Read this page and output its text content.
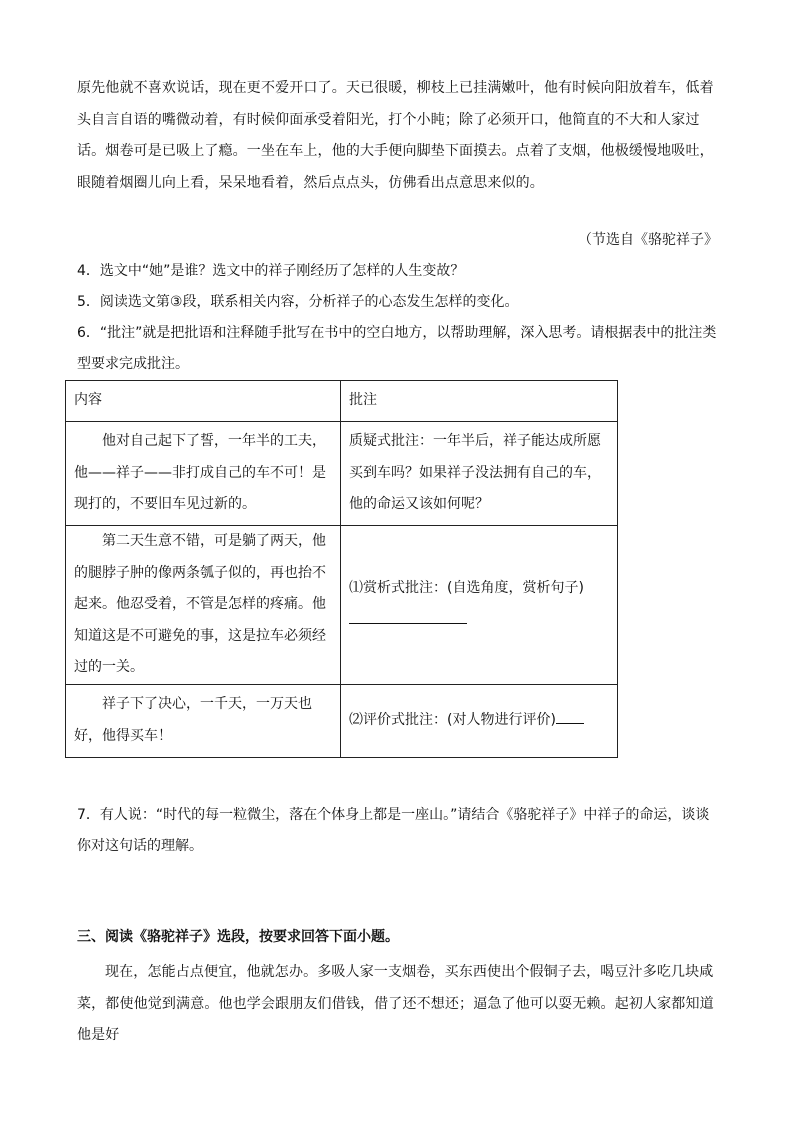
原先他就不喜欢说话，现在更不爱开口了。天已很暖，柳枝上已挂满嫩叶，他有时候向阳放着车，低着头自言自语的嘴微动着，有时候仰面承受着阳光，打个小盹；除了必须开口，他简直的不大和人家过话。烟卷可是已吸上了瘾。一坐在车上，他的大手便向脚垫下面摸去。点着了支烟，他极缓慢地吸吐，眼随着烟圈儿向上看，呆呆地看着，然后点点头，仿佛看出点意思来似的。
（节选自《骆驼祥子》
4．选文中“她”是谁？选文中的祥子刚经历了怎样的人生变故？
5．阅读选文第③段，联系相关内容，分析祥子的心态发生怎样的变化。
6．“批注”就是把批语和注释随手批写在书中的空白地方，以帮助理解，深入思考。请根据表中的批注类型要求完成批注。
内容	批注
他对自己起下了誓，一年半的工夫，他——祥子——非打成自己的车不可！是现打的，不要旧车见过新的。	质疑式批注：一年半后，祥子能达成所愿买到车吗？如果祥子没法拥有自己的车，他的命运又该如何呢？
第二天生意不错，可是躺了两天，他的腿脖子肿的像两条瓠子似的，再也抬不起来。他忍受着，不管是怎样的疼痛。他知道这是不可避免的事，这是拉车必须经过的一关。	⑴赏析式批注：(自选角度，赏析句子)
祥子下了决心，一千天，一万天也好，他得买车！	⑵评价式批注：(对人物进行评价)
7．有人说：“时代的每一粒微尘，落在个体身上都是一座山。”请结合《骆驼祥子》中祥子的命运，谈谈你对这句话的理解。
三、阅读《骆驼祥子》选段，按要求回答下面小题。
现在，怎能占点便宜，他就怎办。多吸人家一支烟卷，买东西使出个假铜子去，喝豆汁多吃几块咸菜，都使他觉到满意。他也学会跟朋友们借钱，借了还不想还；逼急了他可以耍无赖。起初人家都知道他是好
